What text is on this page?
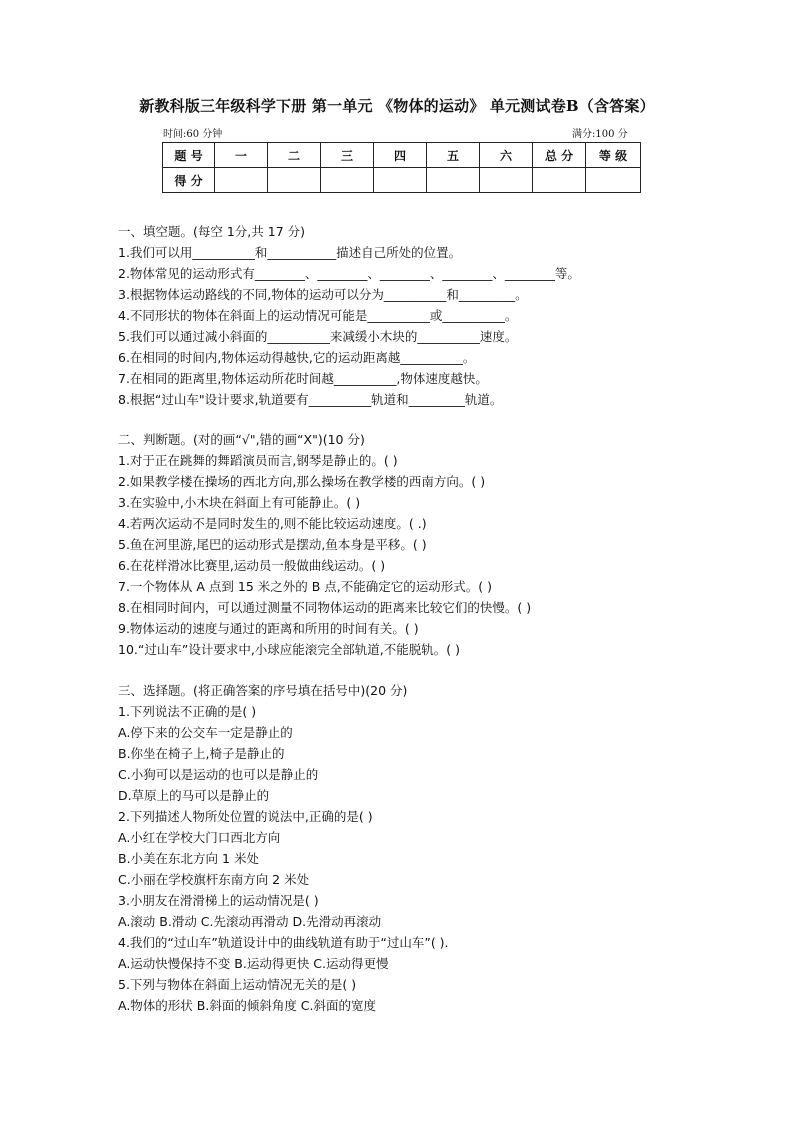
新教科版三年级科学下册 第一单元 《物体的运动》 单元测试卷B（含答案）
时间:60 分钟	满分:100 分
题 号	一	二	三	四	五	六	总 分	等 级
得 分								
一、填空题。(每空 1分,共 17 分)
1.我们可以用__________和___________描述自己所处的位置。
2.物体常见的运动形式有________、________、________、________、________等。
3.根据物体运动路线的不同,物体的运动可以分为__________和_________。
4.不同形状的物体在斜面上的运动情况可能是__________或__________。
5.我们可以通过减小斜面的__________来减缓小木块的__________速度。
6.在相同的时间内,物体运动得越快,它的运动距离越__________。
7.在相同的距离里,物体运动所花时间越__________,物体速度越快。
8.根据“过山车"设计要求,轨道要有__________轨道和_________轨道。
二、判断题。(对的画“√",错的画“X")(10 分)
1.对于正在跳舞的舞蹈演员而言,钢琴是静止的。( )
2.如果教学楼在操场的西北方向,那么操场在教学楼的西南方向。( )
3.在实验中,小木块在斜面上有可能静止。( )
4.若两次运动不是同时发生的,则不能比较运动速度。( .)
5.鱼在河里游,尾巴的运动形式是摆动,鱼本身是平移。( )
6.在花样滑冰比赛里,运动员一般做曲线运动。( )
7.一个物体从 A 点到 15 米之外的 B 点,不能确定它的运动形式。( )
8.在相同时间内，可以通过测量不同物体运动的距离来比较它们的快慢。( )
9.物体运动的速度与通过的距离和所用的时间有关。( )
10.“过山车”设计要求中,小球应能滚完全部轨道,不能脱轨。( )
三、选择题。(将正确答案的序号填在括号中)(20 分)
1.下列说法不正确的是( )
A.停下来的公交车一定是静止的
B.你坐在椅子上,椅子是静止的
C.小狗可以是运动的也可以是静止的
D.草原上的马可以是静止的
2.下列描述人物所处位置的说法中,正确的是( )
A.小红在学校大门口西北方向
B.小美在东北方向 1 米处
C.小丽在学校旗杆东南方向 2 米处
3.小朋友在滑滑梯上的运动情况是( )
A.滚动 B.滑动 C.先滚动再滑动 D.先滑动再滚动
4.我们的“过山车”轨道设计中的曲线轨道有助于“过山车”( ).
A.运动快慢保持不变 B.运动得更快 C.运动得更慢
5.下列与物体在斜面上运动情况无关的是( )
A.物体的形状 B.斜面的倾斜角度 C.斜面的宽度
